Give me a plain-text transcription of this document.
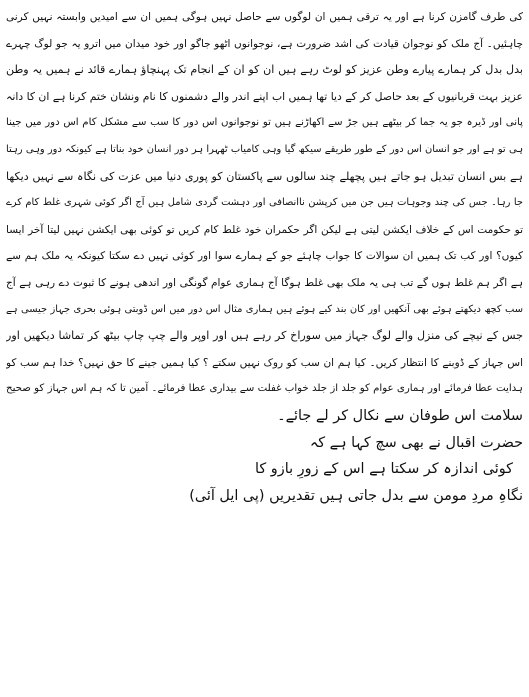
کی طرف گامزن کرنا ہے اور یہ ترقی ہمیں ان لوگوں سے حاصل نہیں ہوگی ہمیں ان سے امیدیں وابستہ نہیں کرنی
چاہئیں۔ آج ملک کو نوجوان قیادت کی اشد ضرورت ہے، نوجوانوں اٹھو جاگو اور خود میدان میں اترو یہ جو لوگ چہرے
بدل بدل کر ہمارے پیارے وطن عزیز کو لوٹ رہے ہیں ان کو ان کے انجام تک پہنچاؤ ہمارے قائد نے ہمیں یہ وطن
عزیز بہت قربانیوں کے بعد حاصل کر کے دیا تھا ہمیں اب اپنے اندر والے دشمنوں کا نام ونشان ختم کرنا ہے ان کا دانہ
پانی اور ڈیرہ جو یہ جما کر بیٹھے ہیں جڑ سے اکھاڑنے ہیں تو نوجوانوں اس دور کا سب سے مشکل کام اس دور میں جینا
ہی تو ہے اور جو انسان اس دور کے طور طریقے سیکھ گیا وہی کامیاب ٹھہرا ہر دور انسان خود بناتا ہے کیونکہ دور وہی رہتا
ہے بس انسان تبدیل ہو جاتے ہیں پچھلے چند سالوں سے پاکستان کو پوری دنیا میں عزت کی نگاہ سے نہیں دیکھا
جا رہا۔ جس کی چند وجوہات ہیں جن میں کرپشن ناانصافی اور دہشت گردی شامل ہیں آج اگر کوئی شہری غلط کام کرے
تو حکومت اس کے خلاف ایکشن لیتی ہے لیکن اگر حکمران خود غلط کام کریں تو کوئی بھی ایکشن نہیں لیتا آخر ایسا
کیوں؟ اور کب تک ہمیں ان سوالات کا جواب چاہئے جو کے ہمارے سوا اور کوئی نہیں دے سکتا کیونکہ یہ ملک ہم سے
ہے اگر ہم غلط ہوں گے تب ہی یہ ملک بھی غلط ہوگا آج ہماری عوام گونگی اور اندھی ہونے کا ثبوت دے رہی ہے آج
سب کچھ دیکھتے ہوئے بھی آنکھیں اور کان بند کیے ہوئے ہیں ہماری مثال اس دور میں اس ڈوبتی ہوئی بحری جہاز جیسی ہے
جس کے نیچے کی منزل والے لوگ جہاز میں سوراخ کر رہے ہیں اور اوپر والے چپ چاپ بیٹھ کر تماشا دیکھیں اور
اس جہاز کے ڈوبنے کا انتظار کریں۔ کیا ہم ان سب کو روک نہیں سکتے ؟ کیا ہمیں جینے کا حق نہیں؟ خدا ہم سب کو
ہدایت عطا فرمائے اور ہماری عوام کو جلد از جلد خواب غفلت سے بیداری عطا فرمائے۔ آمین تا کہ ہم اس جہاز کو صحیح
سلامت اس طوفان سے نکال کر لے جائے۔
حضرت اقبال نے بھی سچ کہا ہے کہ
کوئی اندازہ کر سکتا ہے اس کے زورِ بازو کا
نگاہِ مردِ مومن سے بدل جاتی ہیں تقدیریں (پی ایل آئی)
